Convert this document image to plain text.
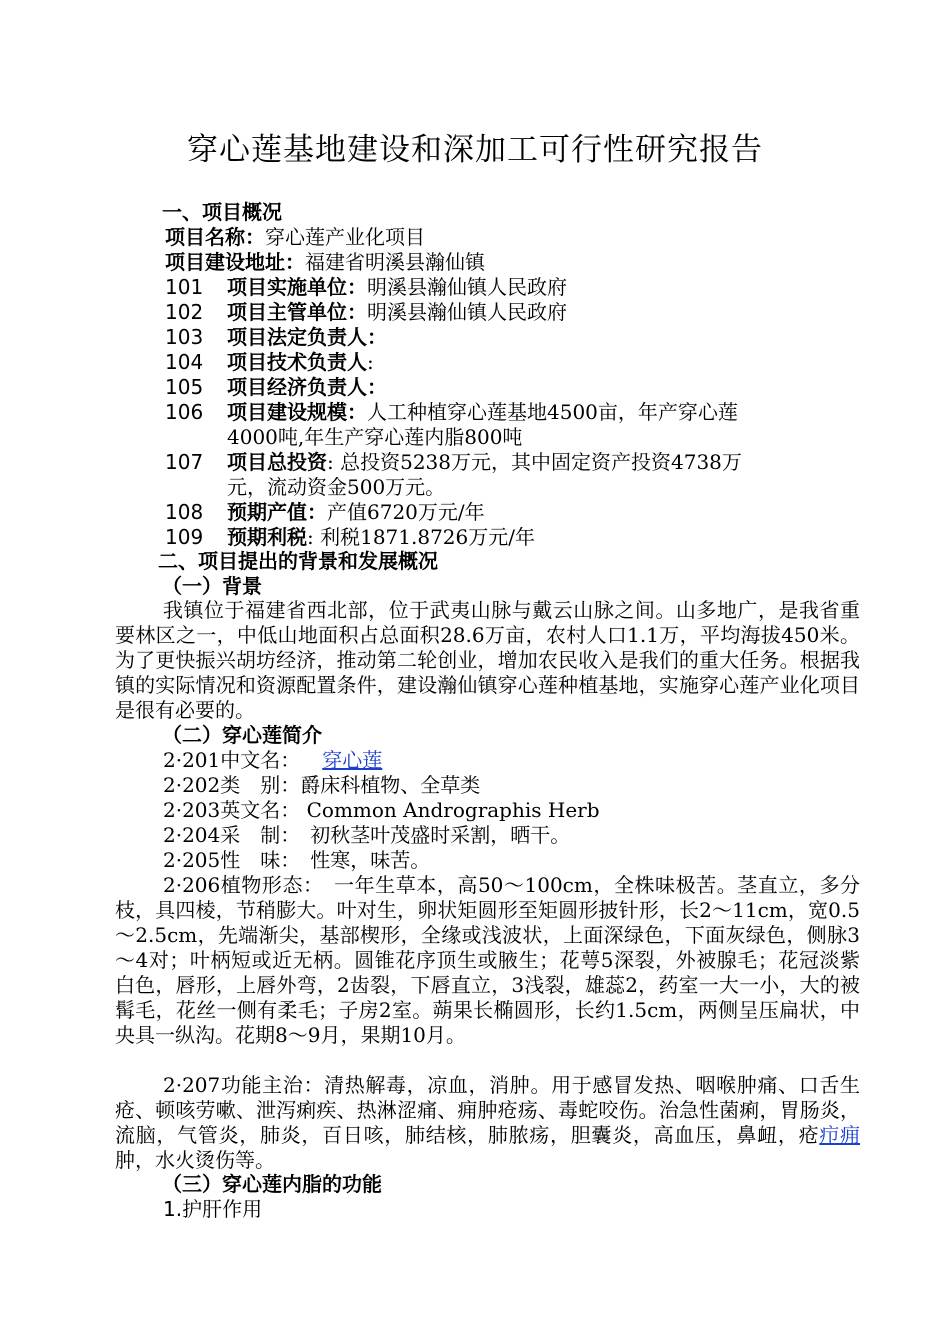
穿心莲基地建设和深加工可行性研究报告
一、项目概况
项目名称：穿心莲产业化项目
项目建设地址：福建省明溪县瀚仙镇
101 项目实施单位：明溪县瀚仙镇人民政府
102 项目主管单位：明溪县瀚仙镇人民政府
103 项目法定负责人：
104 项目技术负责人:
105 项目经济负责人：
106 项目建设规模：人工种植穿心莲基地4500亩，年产穿心莲
4000吨,年生产穿心莲内脂800吨
107 项目总投资: 总投资5238万元，其中固定资产投资4738万
元，流动资金500万元。
108 预期产值：产值6720万元/年
109 预期利税: 利税1871.8726万元/年
二、项目提出的背景和发展概况
（一）背景
我镇位于福建省西北部，位于武夷山脉与戴云山脉之间。山多地广，是我省重要林区之一，中低山地面积占总面积28.6万亩，农村人口1.1万，平均海拔450米。为了更快振兴胡坊经济，推动第二轮创业，增加农民收入是我们的重大任务。根据我镇的实际情况和资源配置条件，建设瀚仙镇穿心莲种植基地，实施穿心莲产业化项目是很有必要的。
（二）穿心莲简介
2·201中文名： 穿心莲
2·202类　别：爵床科植物、全草类
2·203英文名： Common Andrographis Herb
2·204采　制：　初秋茎叶茂盛时采割，晒干。
2·205性　味：　性寒，味苦。
2·206植物形态：　一年生草本，高50～100cm，全株味极苦。茎直立，多分枝，具四棱，节稍膨大。叶对生，卵状矩圆形至矩圆形披针形，长2～11cm，宽0.5～2.5cm，先端渐尖，基部楔形，全缘或浅波状，上面深绿色，下面灰绿色，侧脉3～4对；叶柄短或近无柄。圆锥花序顶生或腋生；花萼5深裂，外被腺毛；花冠淡紫白色，唇形，上唇外弯，2齿裂，下唇直立，3浅裂，雄蕊2，药室一大一小，大的被髯毛，花丝一侧有柔毛；子房2室。蒴果长椭圆形，长约1.5cm，两侧呈压扁状，中央具一纵沟。花期8～9月，果期10月。
2·207功能主治：清热解毒，凉血，消肿。用于感冒发热、咽喉肿痛、口舌生疮、顿咳劳嗽、泄泻痢疾、热淋涩痛、痈肿疮疡、毒蛇咬伤。治急性菌痢，胃肠炎，流脑，气管炎，肺炎，百日咳，肺结核，肺脓疡，胆囊炎，高血压，鼻衄，疮疖痈肿，水火烫伤等。
（三）穿心莲内脂的功能
1.护肝作用
